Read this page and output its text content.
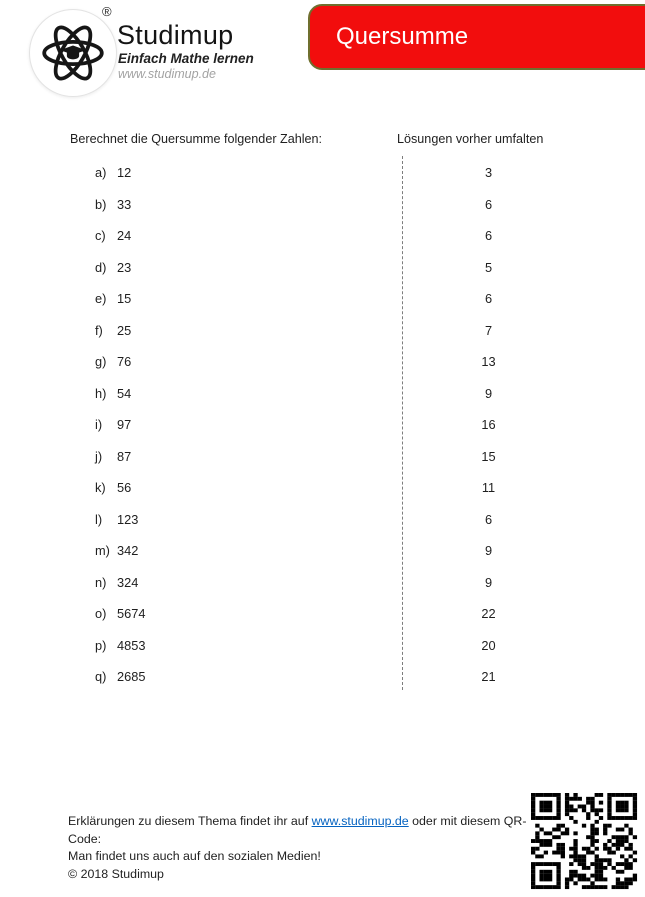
®
Studimup
Einfach Mathe lernen
www.studimup.de
Quersumme
Berechnet die Quersumme folgender Zahlen:	Lösungen vorher umfalten
a) 12	3
b) 33	6
c) 24	6
d) 23	5
e) 15	6
f) 25	7
g) 76	13
h) 54	9
i) 97	16
j) 87	15
k) 56	11
l) 123	6
m) 342	9
n) 324	9
o) 5674	22
p) 4853	20
q) 2685	21
Erklärungen zu diesem Thema findet ihr auf www.studimup.de oder mit diesem QR-Code:
Man findet uns auch auf den sozialen Medien!
© 2018 Studimup
